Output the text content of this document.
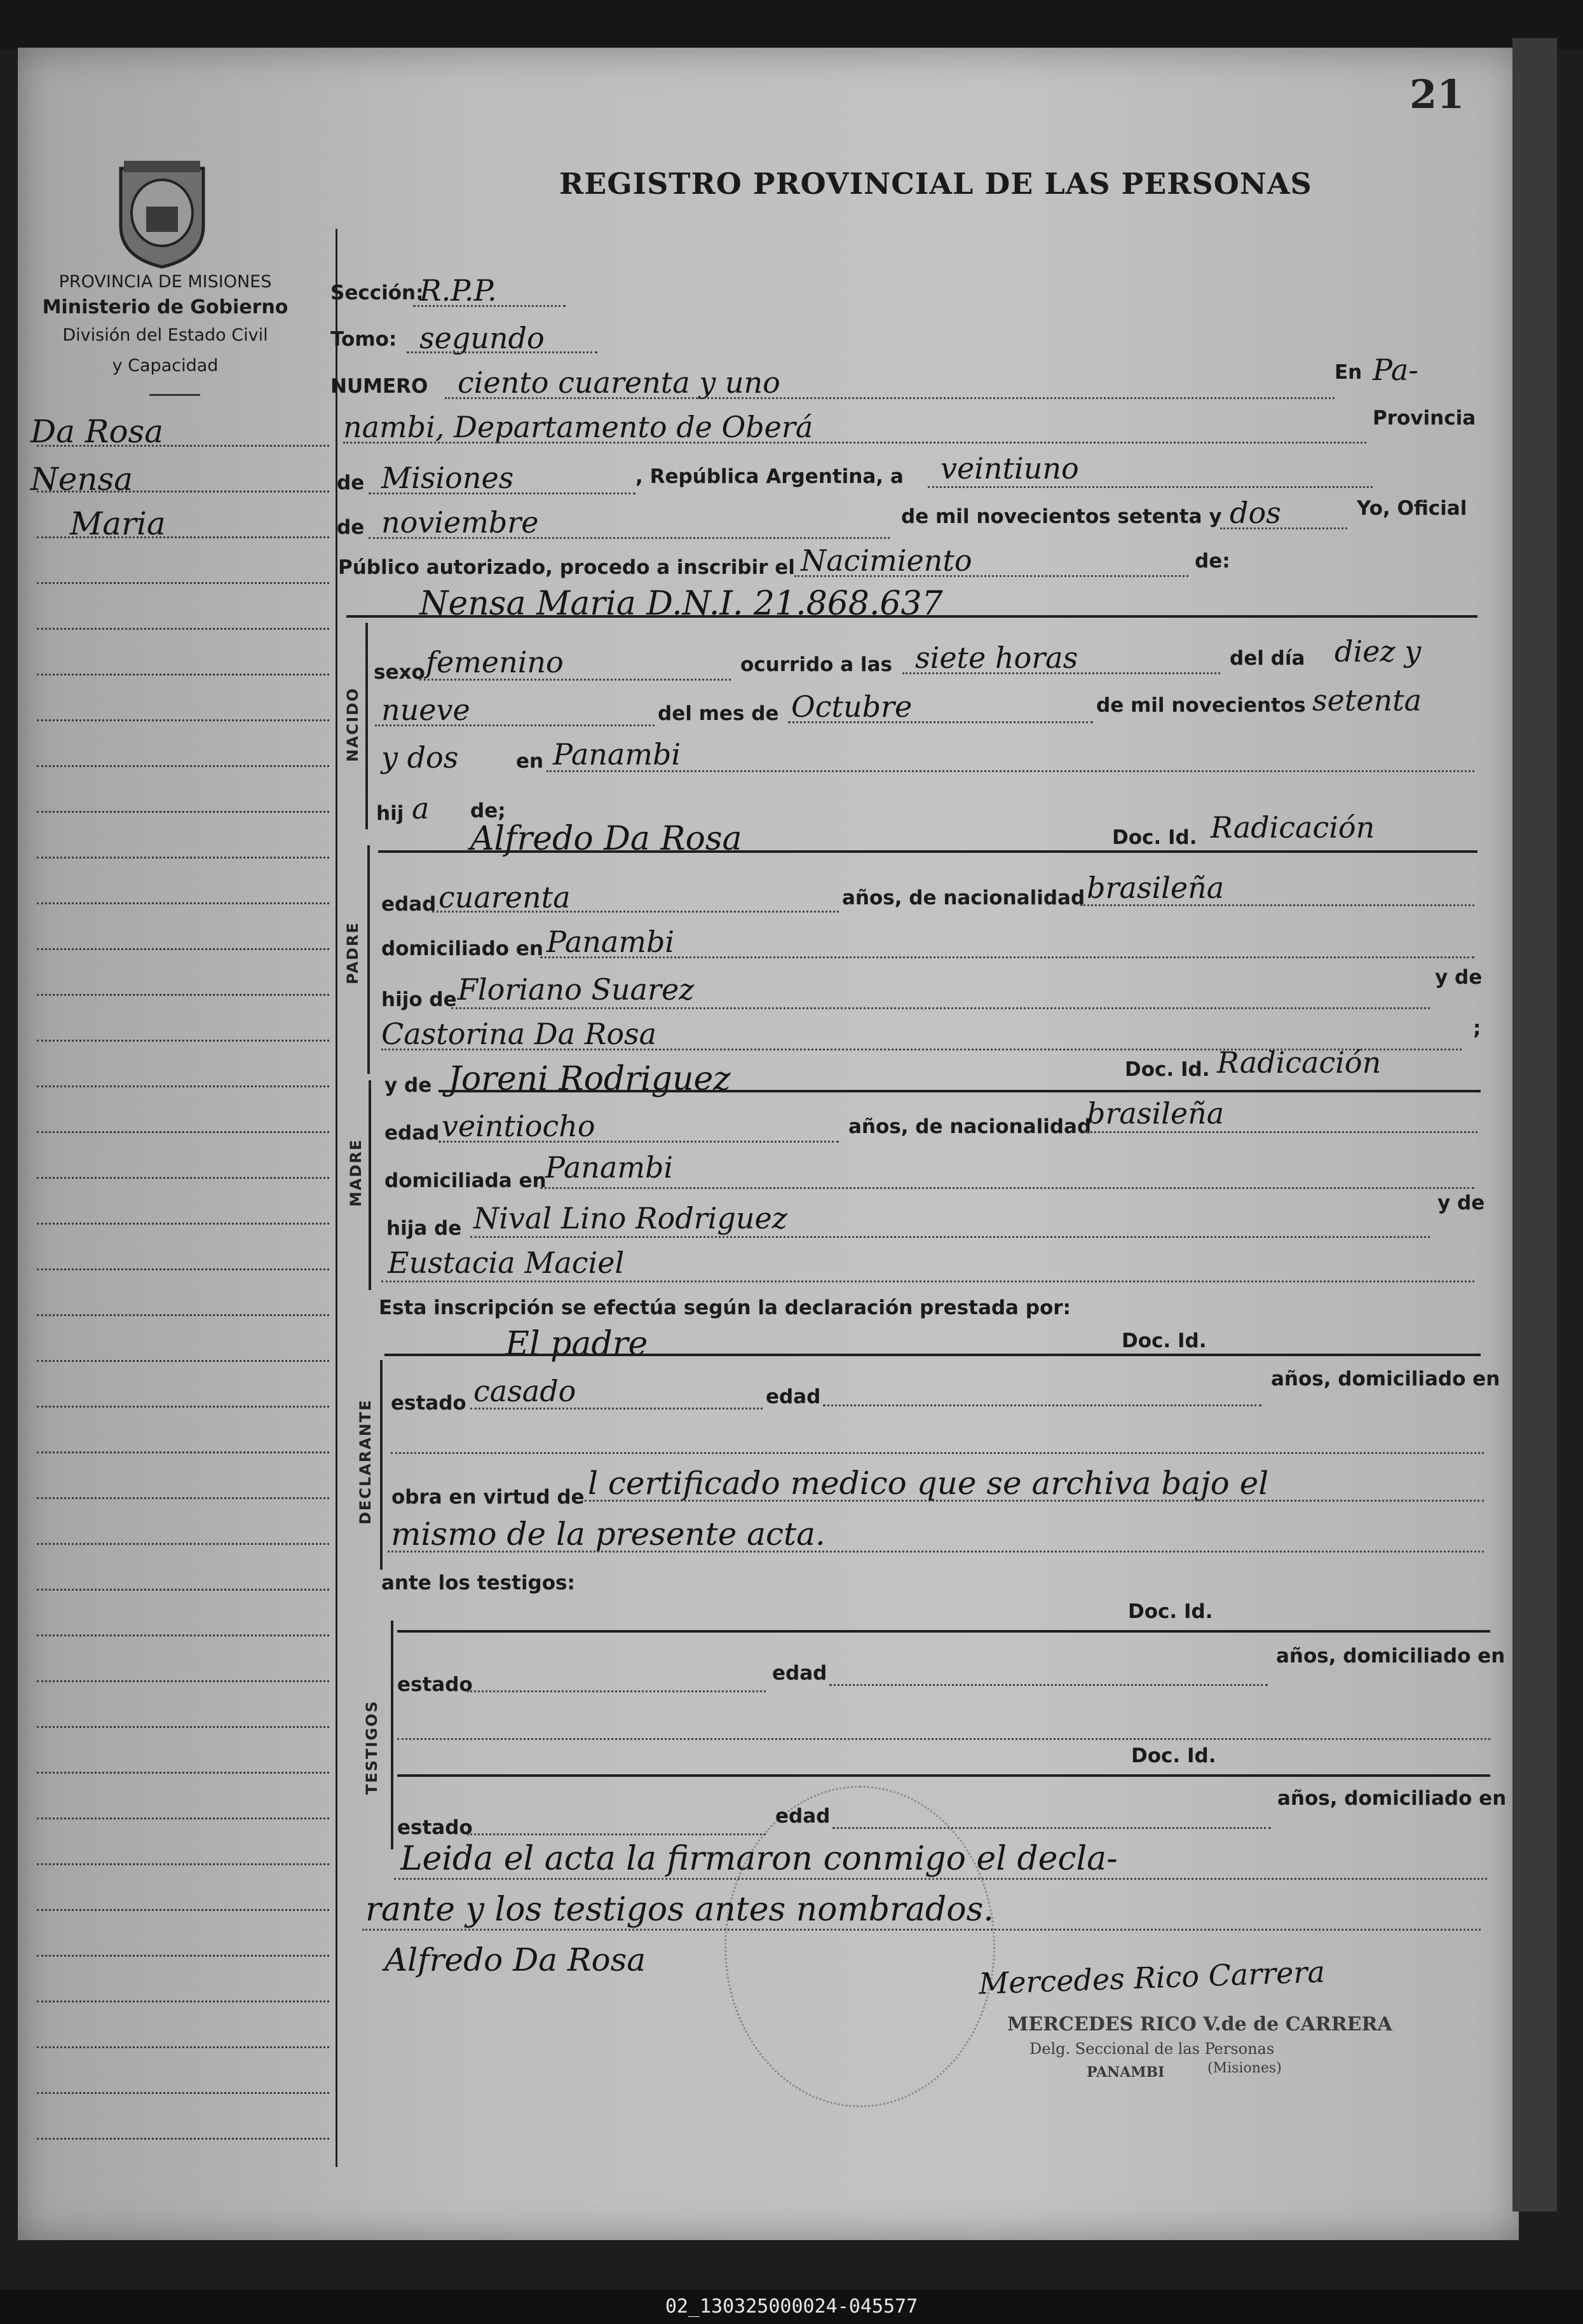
21
REGISTRO PROVINCIAL DE LAS PERSONAS
PROVINCIA DE MISIONES
Ministerio de Gobierno
División del Estado Civil
y Capacidad
Da Rosa
Nensa
Maria
Sección:
R.P.P.
Tomo: segundo
NUMERO ciento cuarenta y uno	En Pa-
nambi, Departamento de Oberá	Provincia
de Misiones	, República Argentina, a veintiuno
de noviembre	de mil novecientos setenta y dos	Yo, Oficial
Público autorizado, procedo a inscribir el Nacimiento	de:
Nensa Maria D.N.I. 21.868.637
NACIDO
sexo femenino	ocurrido a las siete horas	del día diez y
nueve	del mes de Octubre	de mil novecientos setenta
y dos	en Panambi
hij a de;
PADRE
Alfredo Da Rosa	Doc. Id. Radicación
edad cuarenta	años, de nacionalidad brasileña
domiciliado en Panambi
hijo de Floriano Suarez	y de
Castorina Da Rosa	;
MADRE
y de Joreni Rodriguez	Doc. Id. Radicación
edad veintiocho	años, de nacionalidad
brasileña
domiciliada en
Panambi
hija de Nival Lino Rodriguez	y de
Eustacia Maciel
Esta inscripción se efectúa según la declaración prestada por:
El padre	Doc. Id.
DECLARANTE estado casado	edad
años, domiciliado en
obra en virtud de l certificado medico que se archiva bajo el
mismo de la presente acta.
ante los testigos:
Doc. Id.
TESTIGOS
estado	edad
años, domiciliado en
Doc. Id.
estado	edad
años, domiciliado en
Leida el acta la firmaron conmigo el decla-
rante y los testigos antes nombrados.
Alfredo Da Rosa	Mercedes Rico Carrera
MERCEDES RICO V.de de CARRERA
Delg. Seccional de las Personas
PANAMBI	(Misiones)
02_130325000024-045577
